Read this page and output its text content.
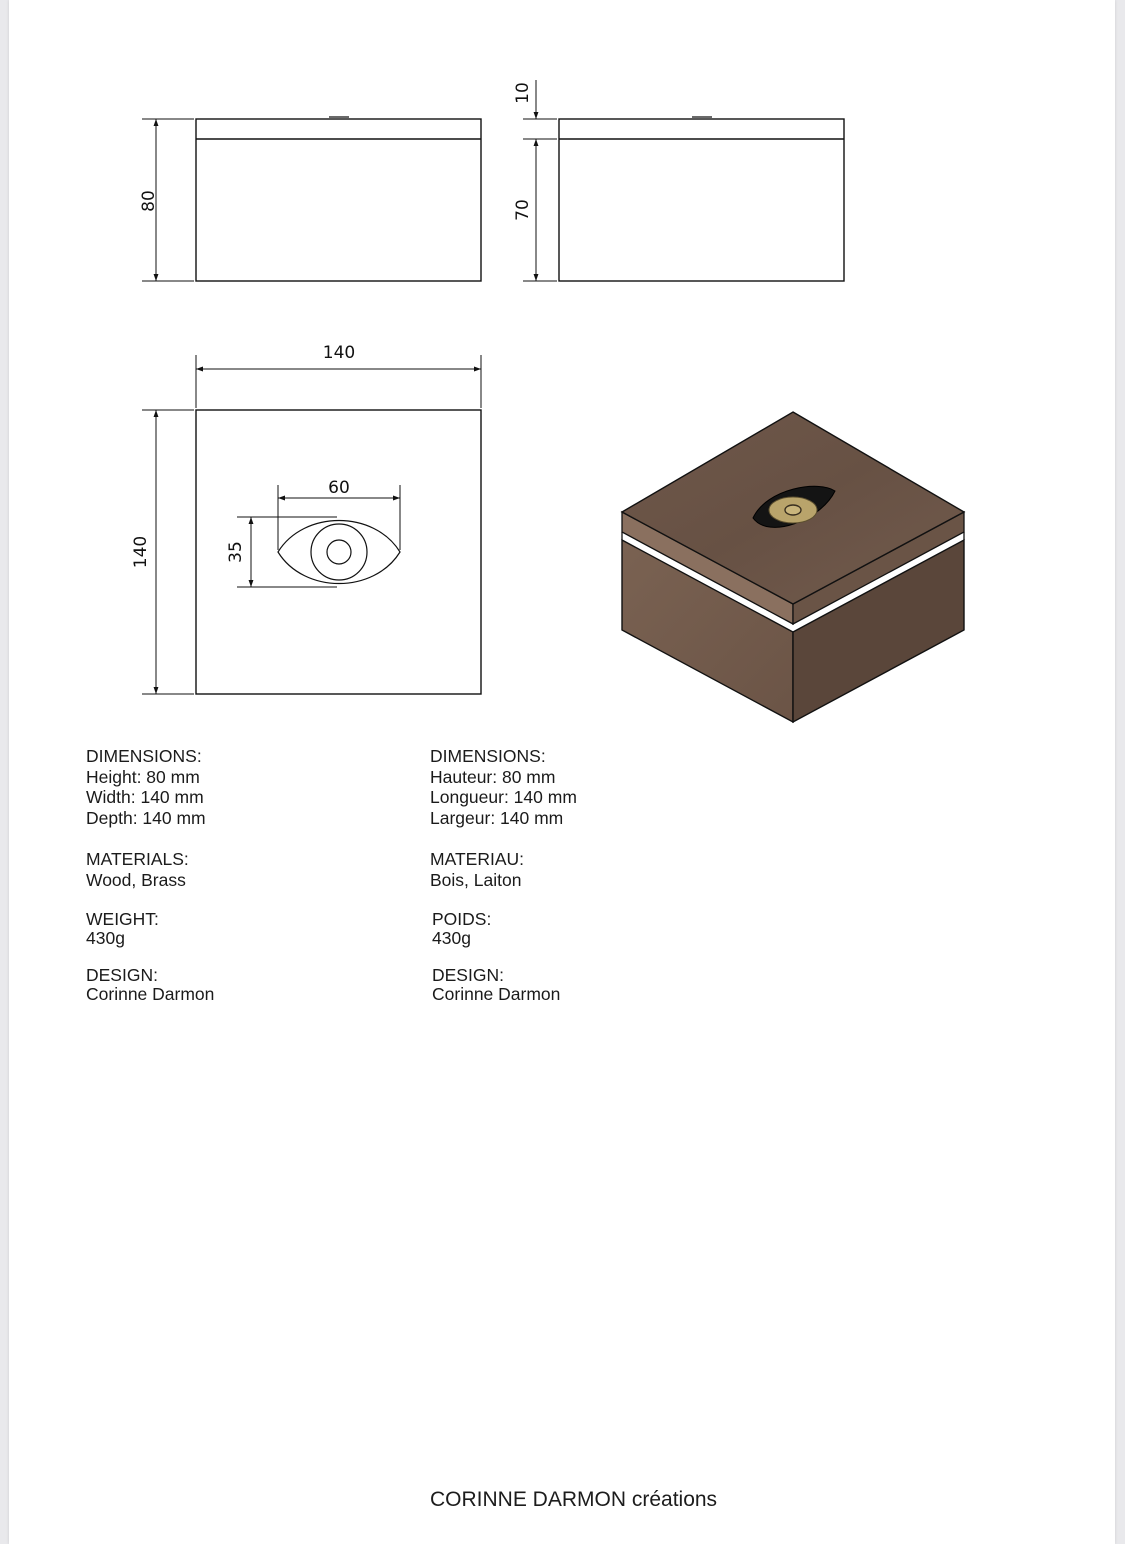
80
10
70
140
140
60
35
DIMENSIONS:
Height: 80 mm
Width: 140 mm
Depth: 140 mm
MATERIALS:
Wood, Brass
WEIGHT:
430g
DESIGN:
Corinne Darmon
DIMENSIONS:
Hauteur: 80 mm
Longueur: 140 mm
Largeur: 140 mm
MATERIAU:
Bois, Laiton
POIDS:
430g
DESIGN:
Corinne Darmon
CORINNE DARMON créations
